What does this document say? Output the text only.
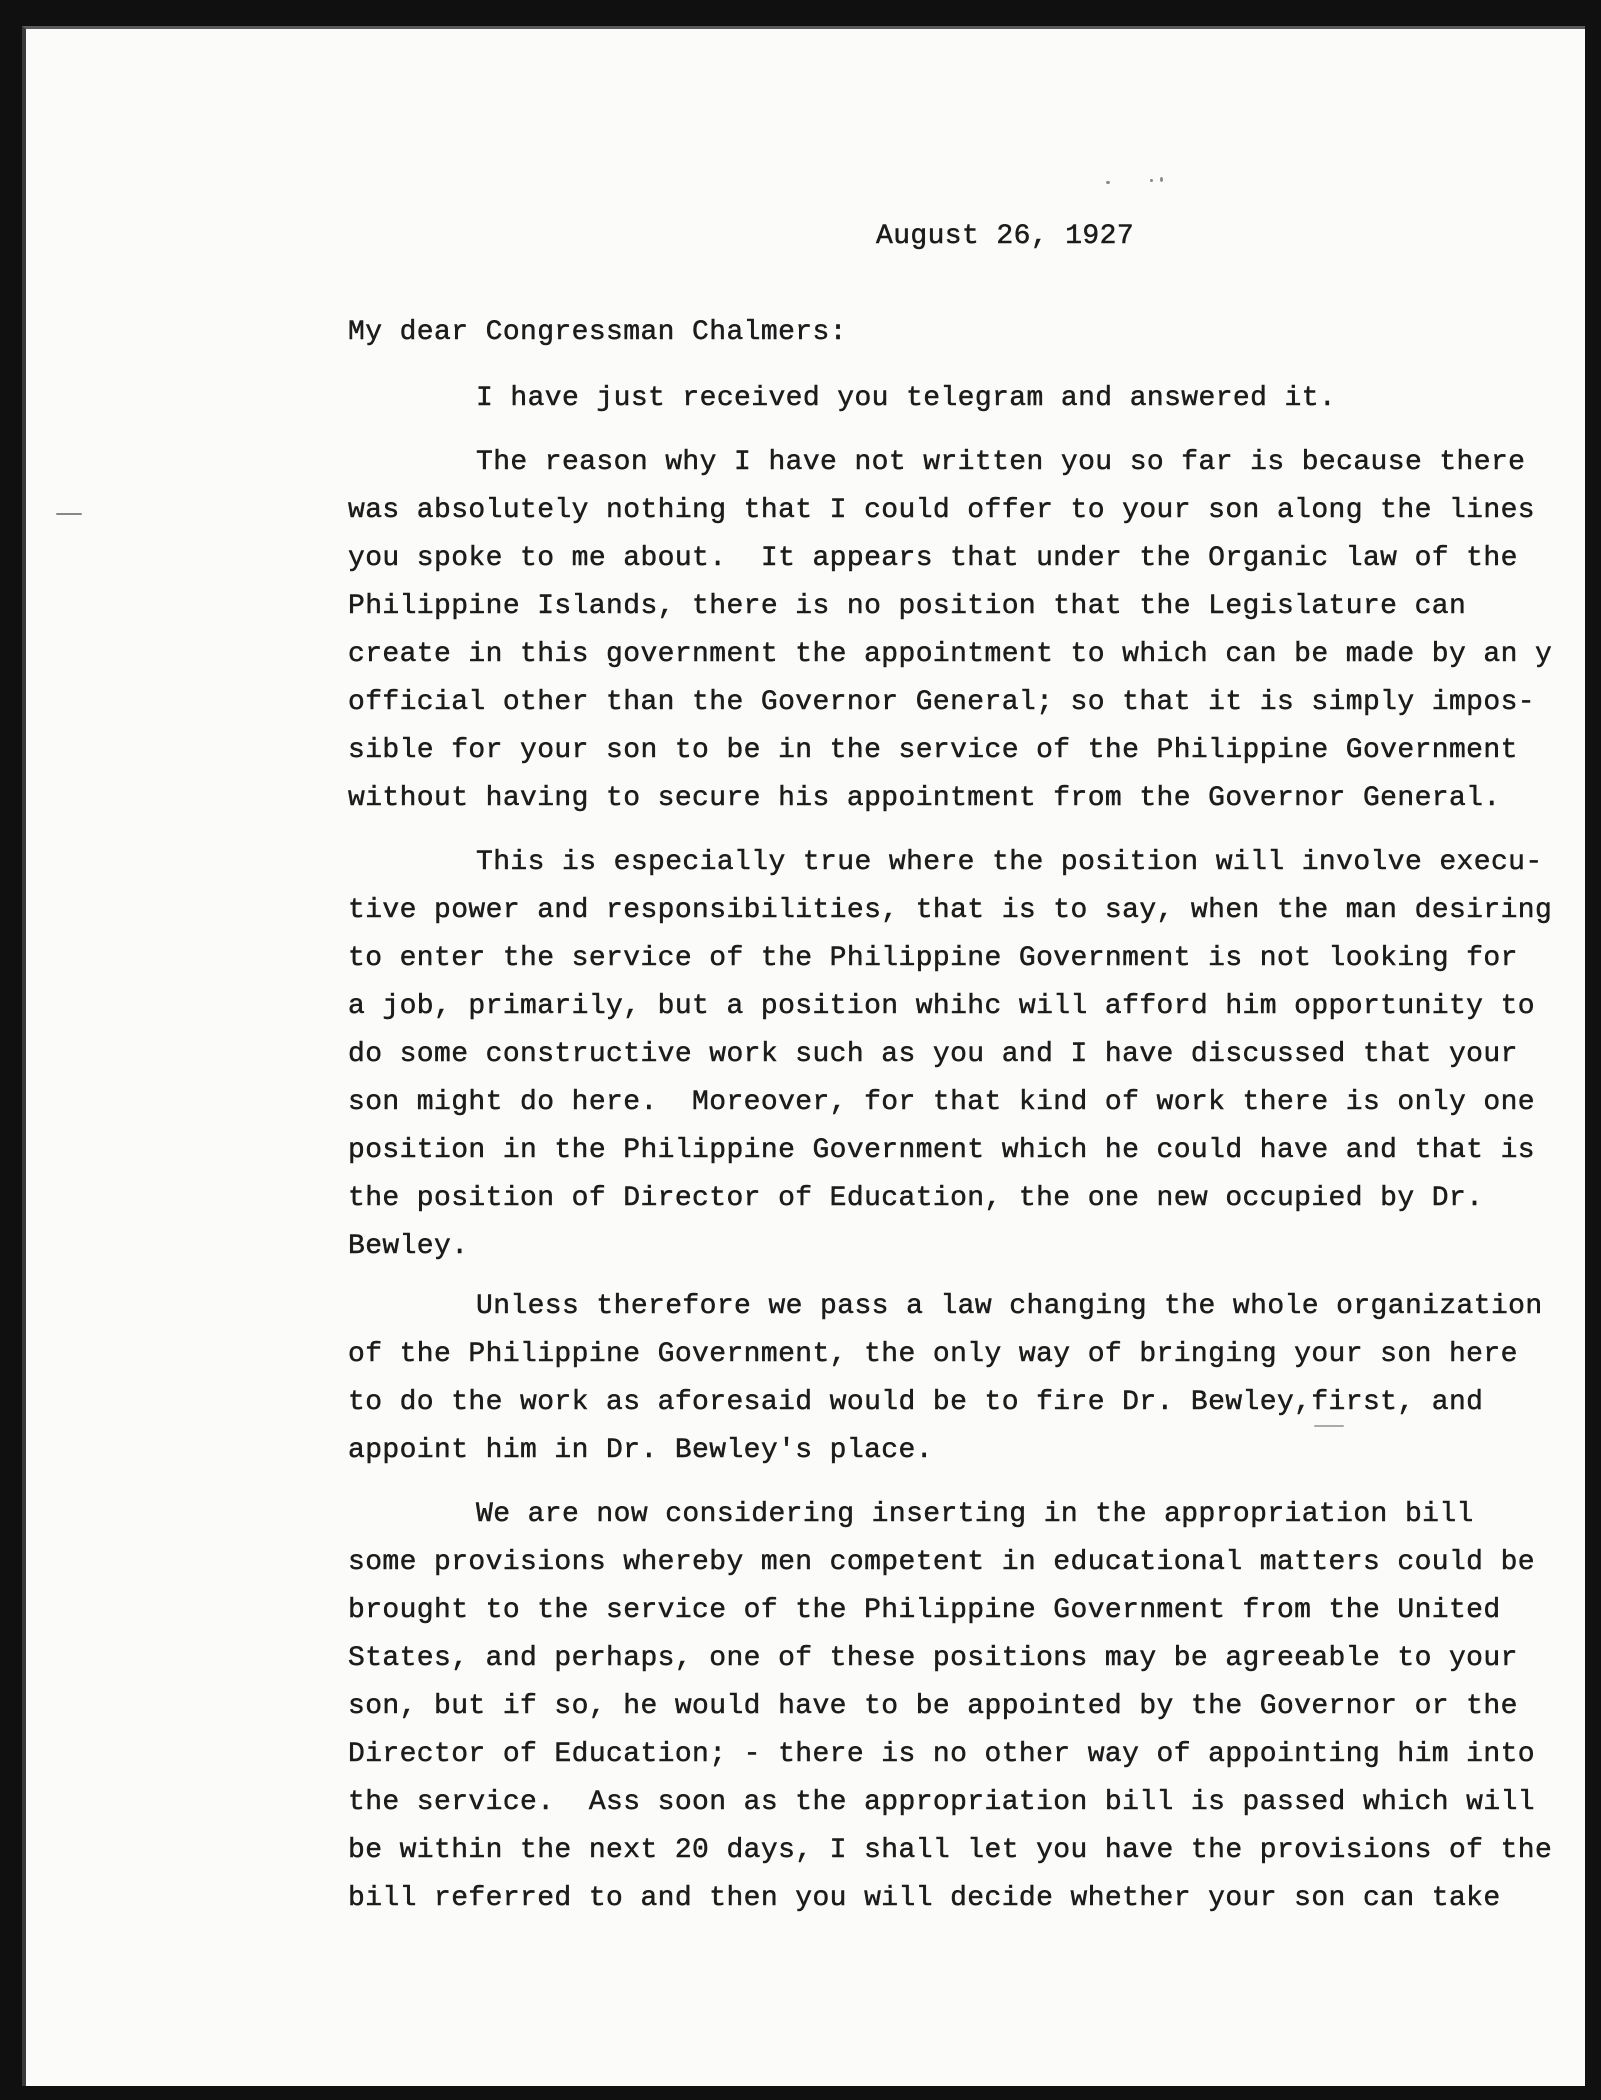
August 26, 1927
My dear Congressman Chalmers:
I have just received you telegram and answered it.
The reason why I have not written you so far is because there
was absolutely nothing that I could offer to your son along the lines
you spoke to me about.  It appears that under the Organic law of the
Philippine Islands, there is no position that the Legislature can
create in this government the appointment to which can be made by an y
official other than the Governor General; so that it is simply impos-
sible for your son to be in the service of the Philippine Government
without having to secure his appointment from the Governor General.
This is especially true where the position will involve execu-
tive power and responsibilities, that is to say, when the man desiring
to enter the service of the Philippine Government is not looking for
a job, primarily, but a position whihc will afford him opportunity to
do some constructive work such as you and I have discussed that your
son might do here.  Moreover, for that kind of work there is only one
position in the Philippine Government which he could have and that is
the position of Director of Education, the one new occupied by Dr.
Bewley.
Unless therefore we pass a law changing the whole organization
of the Philippine Government, the only way of bringing your son here
to do the work as aforesaid would be to fire Dr. Bewley,first, and
appoint him in Dr. Bewley's place.
We are now considering inserting in the appropriation bill
some provisions whereby men competent in educational matters could be
brought to the service of the Philippine Government from the United
States, and perhaps, one of these positions may be agreeable to your
son, but if so, he would have to be appointed by the Governor or the
Director of Education; - there is no other way of appointing him into
the service.  Ass soon as the appropriation bill is passed which will
be within the next 20 days, I shall let you have the provisions of the
bill referred to and then you will decide whether your son can take
